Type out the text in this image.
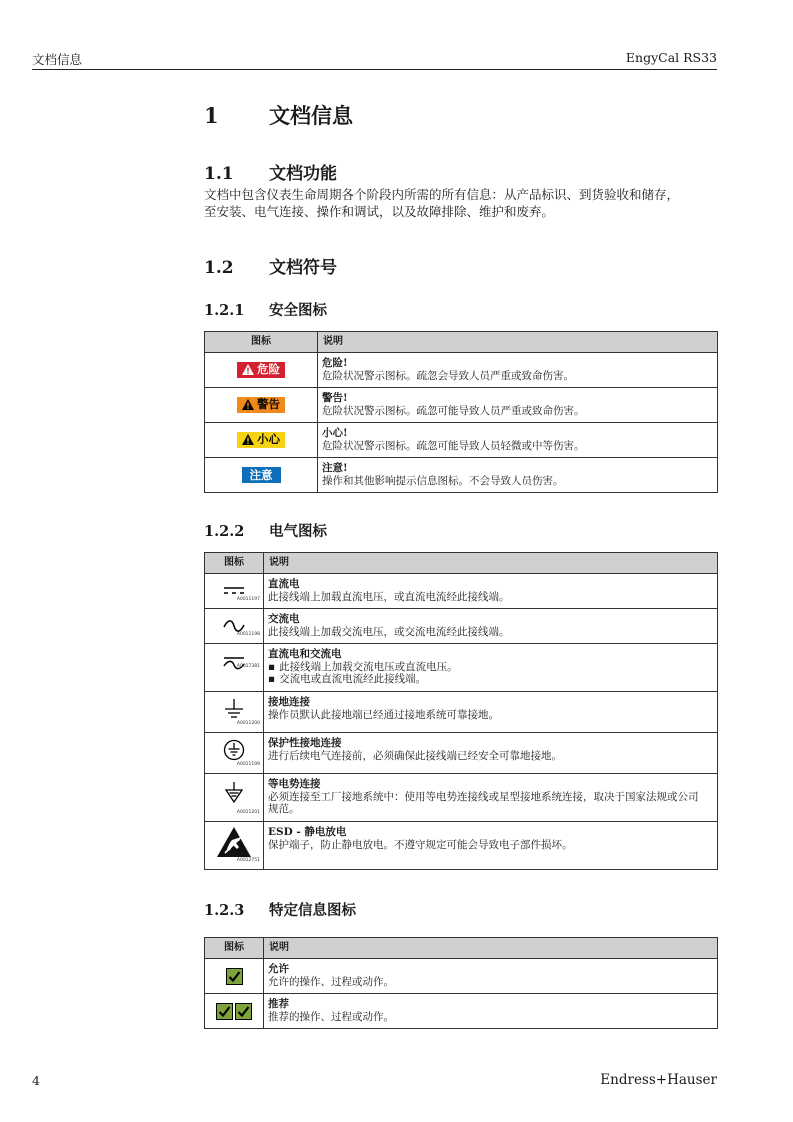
文档信息	EngyCal RS33
1 文档信息
1.1 文档功能
文档中包含仪表生命周期各个阶段内所需的所有信息：从产品标识、到货验收和储存，
至安装、电气连接、操作和调试，以及故障排除、维护和废弃。
1.2 文档符号
1.2.1 安全图标
图标	说明

危险	危险!
危险状况警示图标。疏忽会导致人员严重或致命伤害。

警告	警告!
危险状况警示图标。疏忽可能导致人员严重或致命伤害。

小心	小心!
危险状况警示图标。疏忽可能导致人员轻微或中等伤害。

注意	注意!
操作和其他影响提示信息图标。不会导致人员伤害。
1.2.2 电气图标
图标	说明

A0011197	直流电
此接线端上加载直流电压，或直流电流经此接线端。

A0011198	交流电
此接线端上加载交流电压，或交流电流经此接线端。

A0017381	直流电和交流电
▪ 此接线端上加载交流电压或直流电压。
▪ 交流电或直流电流经此接线端。

A0011200	接地连接
操作员默认此接地端已经通过接地系统可靠接地。

A0011199	保护性接地连接
进行后续电气连接前，必须确保此接线端已经安全可靠地接地。

A0011201	等电势连接
必须连接至工厂接地系统中：使用等电势连接线或星型接地系统连接，取决于国家法规或公司
规范。

A0012751	ESD - 静电放电
保护端子，防止静电放电。不遵守规定可能会导致电子部件损坏。
1.2.3 特定信息图标
图标	说明

允许
允许的操作、过程或动作。

推荐
推荐的操作、过程或动作。
4	Endress+Hauser
